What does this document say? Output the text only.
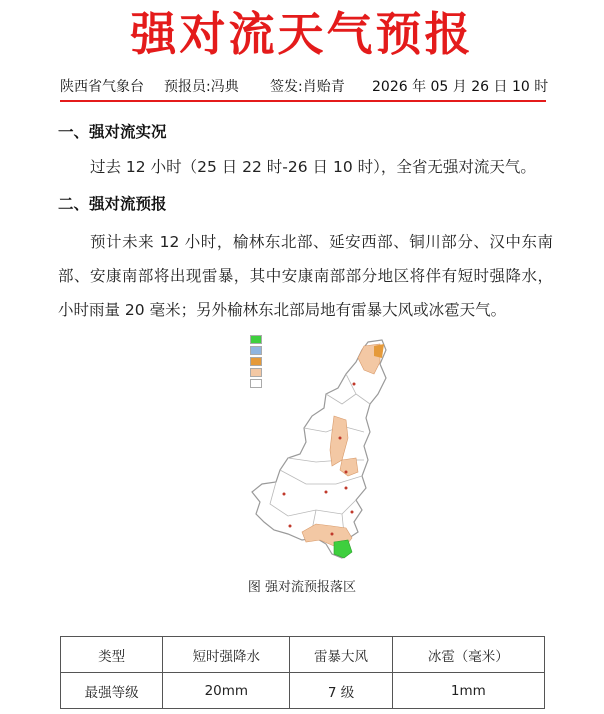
强对流天气预报
陕西省气象台 预报员:冯典 签发:肖贻青 2026 年 05 月 26 日 10 时
一、强对流实况
过去 12 小时（25 日 22 时-26 日 10 时），全省无强对流天气。
二、强对流预报
预计未来 12 小时，榆林东北部、延安西部、铜川部分、汉中东南部、安康南部将出现雷暴，其中安康南部部分地区将伴有短时强降水，小时雨量 20 毫米；另外榆林东北部局地有雷暴大风或冰雹天气。
图 强对流预报落区
类型	短时强降水	雷暴大风	冰雹（毫米）
最强等级	20mm	7 级	1mm
